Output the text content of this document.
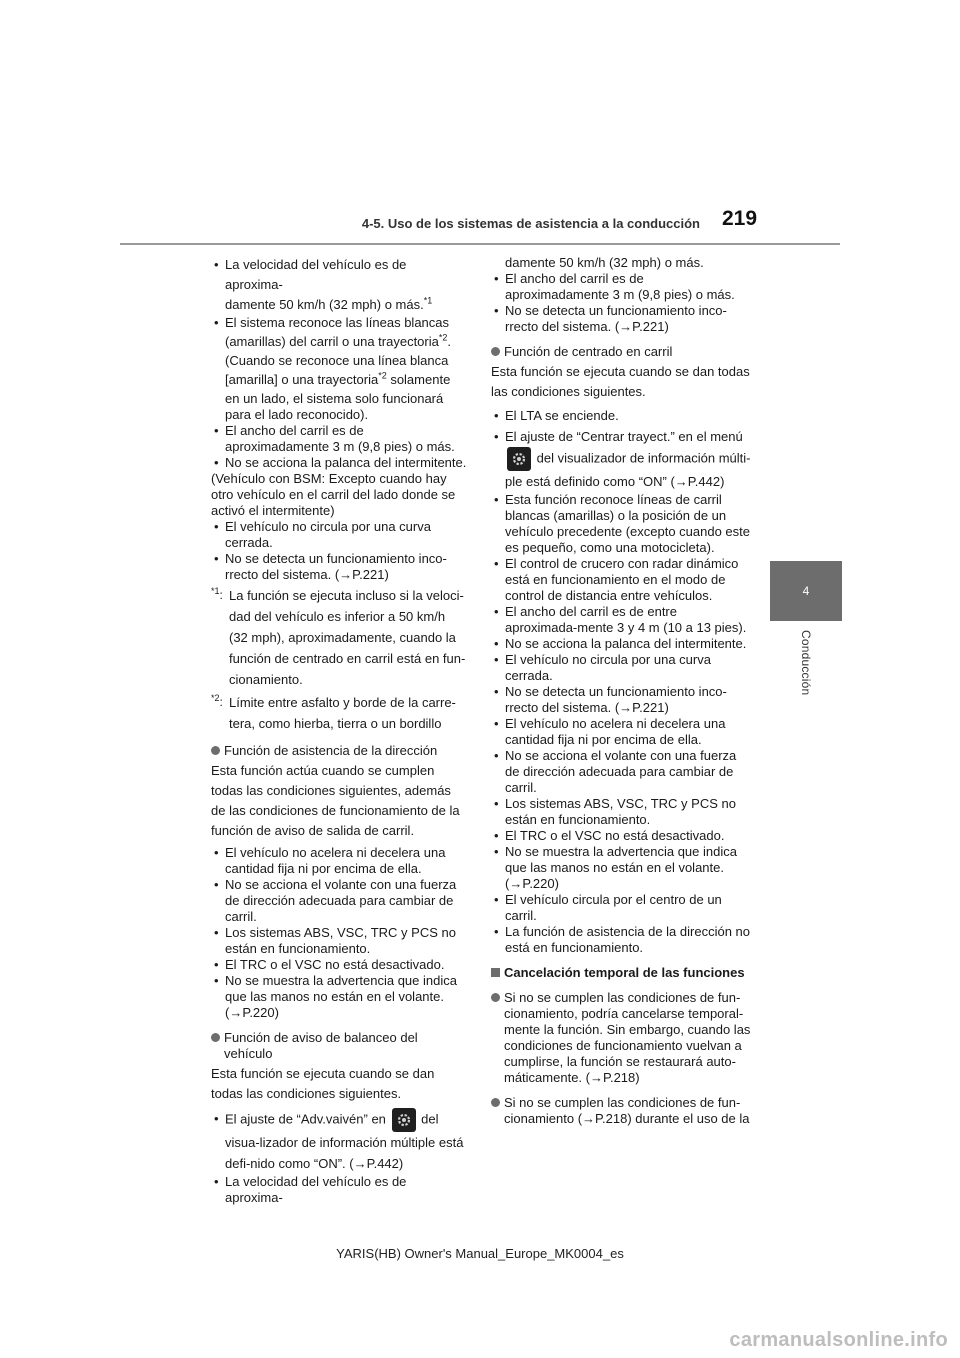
4-5. Uso de los sistemas de asistencia a la conducción 219
4
Conducción

• La velocidad del vehículo es de aproxima-
damente 50 km/h (32 mph) o más.$^{*1}$

• El sistema reconoce las líneas blancas
(amarillas) del carril o una trayectoria$^{*2}$.
(Cuando se reconoce una línea blanca
[amarilla] o una trayectoria$^{*2}$ solamente en un lado, el sistema solo funcionará para el lado reconocido).

• El ancho del carril es de aproximadamente 3 m (9,8 pies) o más.

• No se acciona la palanca del intermitente.

(Vehículo con BSM: Excepto cuando hay otro vehículo en el carril del lado donde se activó el intermitente)

• El vehículo no circula por una curva cerrada.

• No se detecta un funcionamiento inco-rrecto del sistema. (→P.221)

$^{*1}$: La función se ejecuta incluso si la veloci-dad del vehículo es inferior a 50 km/h (32 mph), aproximadamente, cuando la función de centrado en carril está en fun-cionamiento.

$^{*2}$: Límite entre asfalto y borde de la carre-tera, como hierba, tierra o un bordillo

Función de asistencia de la dirección

Esta función actúa cuando se cumplen todas las condiciones siguientes, además de las condiciones de funcionamiento de la función de aviso de salida de carril.

• El vehículo no acelera ni decelera una cantidad fija ni por encima de ella.

• No se acciona el volante con una fuerza de dirección adecuada para cambiar de carril.

• Los sistemas ABS, VSC, TRC y PCS no están en funcionamiento.

• El TRC o el VSC no está desactivado.

• No se muestra la advertencia que indica que las manos no están en el volante. (→P.220)

Función de aviso de balanceo del vehículo

Esta función se ejecuta cuando se dan todas las condiciones siguientes.

• El ajuste de “Adv.vaivén” en	del visua-lizador de información múltiple está defi-nido como “ON”. (→P.442)

• La velocidad del vehículo es de aproxima-

damente 50 km/h (32 mph) o más.

• El ancho del carril es de aproximadamente 3 m (9,8 pies) o más.

• No se detecta un funcionamiento inco-rrecto del sistema. (→P.221)

Función de centrado en carril

Esta función se ejecuta cuando se dan todas las condiciones siguientes.

• El LTA se enciende.

• El ajuste de “Centrar trayect.” en el menú

del visualizador de información múlti-ple está definido como “ON” (→P.442)

• Esta función reconoce líneas de carril blancas (amarillas) o la posición de un vehículo precedente (excepto cuando este es pequeño, como una motocicleta).

• El control de crucero con radar dinámico está en funcionamiento en el modo de control de distancia entre vehículos.

• El ancho del carril es de entre aproximada-mente 3 y 4 m (10 a 13 pies).

• No se acciona la palanca del intermitente.

• El vehículo no circula por una curva cerrada.

• No se detecta un funcionamiento inco-rrecto del sistema. (→P.221)

• El vehículo no acelera ni decelera una cantidad fija ni por encima de ella.

• No se acciona el volante con una fuerza de dirección adecuada para cambiar de carril.

• Los sistemas ABS, VSC, TRC y PCS no están en funcionamiento.

• El TRC o el VSC no está desactivado.

• No se muestra la advertencia que indica que las manos no están en el volante. (→P.220)

• El vehículo circula por el centro de un carril.

• La función de asistencia de la dirección no está en funcionamiento.

Cancelación temporal de las funciones

Si no se cumplen las condiciones de fun-cionamiento, podría cancelarse temporal-mente la función. Sin embargo, cuando las condiciones de funcionamiento vuelvan a cumplirse, la función se restaurará auto-máticamente. (→P.218)

Si no se cumplen las condiciones de fun-cionamiento (→P.218) durante el uso de la

YARIS(HB) Owner's Manual_Europe_MK0004_es
carmanualsonline.info
